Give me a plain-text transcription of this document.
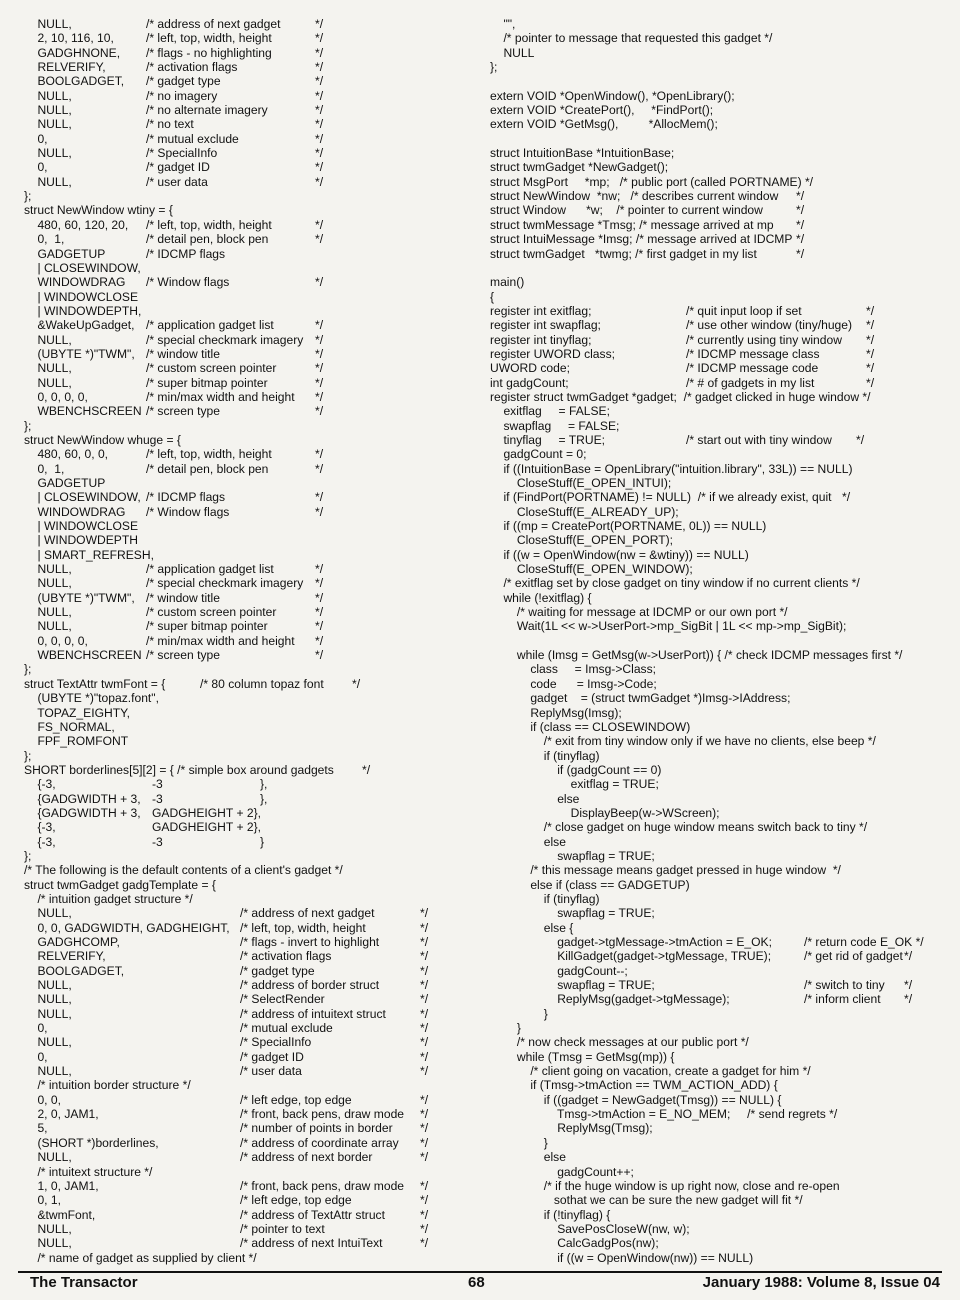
NULL,	/* address of next gadget	*/
2, 10, 116, 10,	/* left, top, width, height	*/
GADGHNONE, /* flags - no highlighting	*/
RELVERIFY,	/* activation flags	*/
BOOLGADGET, /* gadget type	*/
NULL,	/* no imagery	*/
NULL,	/* no alternate imagery	*/
NULL,	/* no text	*/
0,	/* mutual exclude	*/
NULL,	/* SpecialInfo	*/
0,	/* gadget ID	*/
NULL,	/* user data	*/
};
struct NewWindow wtiny = {
480, 60, 120, 20, /* left, top, width, height	*/
0,  1,	/* detail pen, block pen	*/
GADGETUP	/* IDCMP flags
| CLOSEWINDOW,
WINDOWDRAG /* Window flags	*/
| WINDOWCLOSE
| WINDOWDEPTH,
&WakeUpGadget, /* application gadget list	*/
NULL,	/* special checkmark imagery */
(UBYTE *)"TWM", /* window title	*/
NULL,	/* custom screen pointer	*/
NULL,	/* super bitmap pointer	*/
0, 0, 0, 0,	/* min/max width and height */
WBENCHSCREEN /* screen type	*/
};
struct NewWindow whuge = {
480, 60, 0, 0,	/* left, top, width, height	*/
0,  1,	/* detail pen, block pen	*/
GADGETUP
| CLOSEWINDOW, /* IDCMP flags	*/
WINDOWDRAG /* Window flags	*/
| WINDOWCLOSE
| WINDOWDEPTH
| SMART_REFRESH,
NULL,	/* application gadget list	*/
NULL,	/* special checkmark imagery */
(UBYTE *)"TWM", /* window title	*/
NULL,	/* custom screen pointer	*/
NULL,	/* super bitmap pointer	*/
0, 0, 0, 0,	/* min/max width and height */
WBENCHSCREEN /* screen type	*/
};
struct TextAttr twmFont = {	/* 80 column topaz font */
(UBYTE *)"topaz.font",
TOPAZ_EIGHTY,
FS_NORMAL,
FPF_ROMFONT
};
SHORT borderlines[5][2] = { /* simple box around gadgets */
{-3,	-3	},
{GADGWIDTH + 3, -3	},
{GADGWIDTH + 3, GADGHEIGHT + 2},
{-3,	GADGHEIGHT + 2},
{-3,	-3	}
};
/* The following is the default contents of a client's gadget */
struct twmGadget gadgTemplate = {
/* intuition gadget structure */
NULL,	/* address of next gadget	*/
0, 0, GADGWIDTH, GADGHEIGHT, /* left, top, width, height	*/
GADGHCOMP,	/* flags - invert to highlight	*/
RELVERIFY,	/* activation flags	*/
BOOLGADGET,	/* gadget type	*/
NULL,	/* address of border struct	*/
NULL,	/* SelectRender	*/
NULL,	/* address of intuitext struct	*/
0,	/* mutual exclude	*/
NULL,	/* SpecialInfo	*/
0,	/* gadget ID	*/
NULL,	/* user data	*/
/* intuition border structure */
0, 0,	/* left edge, top edge	*/
2, 0, JAM1,	/* front, back pens, draw mode */
5,	/* number of points in border */
(SHORT *)borderlines,	/* address of coordinate array */
NULL,	/* address of next border	*/
/* intuitext structure */
1, 0, JAM1,	/* front, back pens, draw mode */
0, 1,	/* left edge, top edge	*/
&twmFont,	/* address of TextAttr struct	*/
NULL,	/* pointer to text	*/
NULL,	/* address of next IntuiText	*/
/* name of gadget as supplied by client */
"",
/* pointer to message that requested this gadget */
NULL
};
extern VOID *OpenWindow(), *OpenLibrary();
extern VOID *CreatePort(),     *FindPort();
extern VOID *GetMsg(),         *AllocMem();
struct IntuitionBase *IntuitionBase;
struct twmGadget *NewGadget();
struct MsgPort     *mp;   /* public port (called PORTNAME) */
struct NewWindow  *nw;   /* describes current window */
struct Window      *w;    /* pointer to current window	*/
struct twmMessage *Tmsg; /* message arrived at mp */
struct IntuiMessage *Imsg; /* message arrived at IDCMP */
struct twmGadget   *twmg; /* first gadget in my list	*/
main()
{
register int exitflag;	/* quit input loop if set	*/
register int swapflag;	/* use other window (tiny/huge) */
register int tinyflag;	/* currently using tiny window */
register UWORD class;	/* IDCMP message class	*/
UWORD code;	/* IDCMP message code	*/
int gadgCount;	/* # of gadgets in my list	*/
register struct twmGadget *gadget;  /* gadget clicked in huge window */
exitflag     = FALSE;
swapflag     = FALSE;
tinyflag     = TRUE;	/* start out with tiny window */
gadgCount = 0;
if ((IntuitionBase = OpenLibrary("intuition.library", 33L)) == NULL)
CloseStuff(E_OPEN_INTUI);
if (FindPort(PORTNAME) != NULL)  /* if we already exist, quit */
CloseStuff(E_ALREADY_UP);
if ((mp = CreatePort(PORTNAME, 0L)) == NULL)
CloseStuff(E_OPEN_PORT);
if ((w = OpenWindow(nw = &wtiny)) == NULL)
CloseStuff(E_OPEN_WINDOW);
/* exitflag set by close gadget on tiny window if no current clients */
while (!exitflag) {
/* waiting for message at IDCMP or our own port */
Wait(1L << w->UserPort->mp_SigBit | 1L << mp->mp_SigBit);
while (Imsg = GetMsg(w->UserPort)) { /* check IDCMP messages first */
class     = Imsg->Class;
code      = Imsg->Code;
gadget    = (struct twmGadget *)Imsg->IAddress;
ReplyMsg(Imsg);
if (class == CLOSEWINDOW)
/* exit from tiny window only if we have no clients, else beep */
if (tinyflag)
if (gadgCount == 0)
exitflag = TRUE;
else
DisplayBeep(w->WScreen);
/* close gadget on huge window means switch back to tiny */
else
swapflag = TRUE;
/* this message means gadget pressed in huge window  */
else if (class == GADGETUP)
if (tinyflag)
swapflag = TRUE;
else {
gadget->tgMessage->tmAction = E_OK;	/* return code E_OK */
KillGadget(gadget->tgMessage, TRUE);	/* get rid of gadget */
gadgCount--;
swapflag = TRUE;	/* switch to tiny */
ReplyMsg(gadget->tgMessage);	/* inform client */
}
}
/* now check messages at our public port */
while (Tmsg = GetMsg(mp)) {
/* client going on vacation, create a gadget for him */
if (Tmsg->tmAction == TWM_ACTION_ADD) {
if ((gadget = NewGadget(Tmsg)) == NULL) {
Tmsg->tmAction = E_NO_MEM;     /* send regrets */
ReplyMsg(Tmsg);
}
else
gadgCount++;
/* if the huge window is up right now, close and re-open
sothat we can be sure the new gadget will fit */
if (!tinyflag) {
SavePosCloseW(nw, w);
CalcGadgPos(nw);
if ((w = OpenWindow(nw)) == NULL)
The Transactor	68	January 1988: Volume 8, Issue 04
